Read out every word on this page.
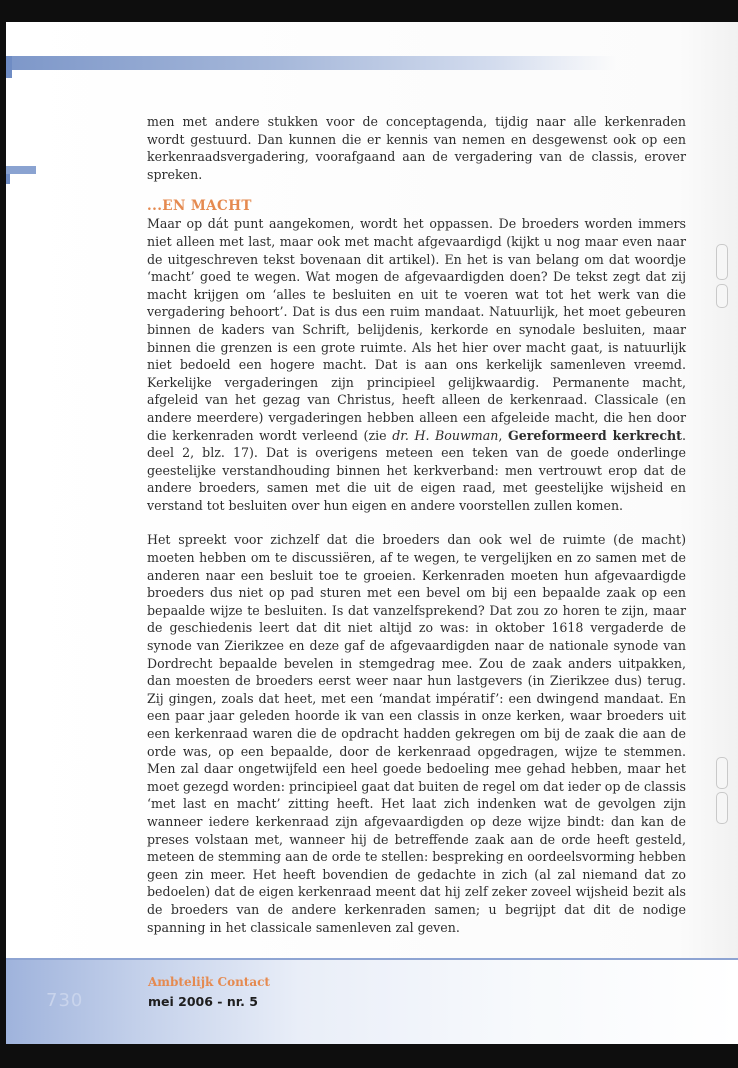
men met andere stukken voor de conceptagenda, tijdig naar alle kerkenraden wordt gestuurd. Dan kunnen die er kennis van nemen en desgewenst ook op een kerkenraadsvergadering, voorafgaand aan de vergadering van de classis, erover spreken.

...EN MACHT

Maar op dát punt aangekomen, wordt het oppassen. De broeders worden immers niet alleen met last, maar ook met macht afgevaardigd (kijkt u nog maar even naar de uitgeschreven tekst bovenaan dit artikel). En het is van belang om dat woordje ‘macht’ goed te wegen. Wat mogen de afgevaardigden doen? De tekst zegt dat zij macht krijgen om ‘alles te besluiten en uit te voeren wat tot het werk van die vergadering behoort’. Dat is dus een ruim mandaat. Natuurlijk, het moet gebeuren binnen de kaders van Schrift, belijdenis, kerkorde en synodale besluiten, maar binnen die grenzen is een grote ruimte. Als het hier over macht gaat, is natuurlijk niet bedoeld een hogere macht. Dat is aan ons kerkelijk samenleven vreemd. Kerkelijke vergaderingen zijn principieel gelijkwaardig. Permanente macht, afgeleid van het gezag van Christus, heeft alleen de kerkenraad. Classicale (en andere meerdere) vergaderingen hebben alleen een afgeleide macht, die hen door die kerkenraden wordt verleend (zie dr. H. Bouwman, Gereformeerd kerkrecht. deel 2, blz. 17). Dat is overigens meteen een teken van de goede onderlinge geestelijke verstandhouding binnen het kerkverband: men vertrouwt erop dat de andere broeders, samen met die uit de eigen raad, met geestelijke wijsheid en verstand tot besluiten over hun eigen en andere voorstellen zullen komen.

Het spreekt voor zichzelf dat die broeders dan ook wel de ruimte (de macht) moeten hebben om te discussiëren, af te wegen, te vergelijken en zo samen met de anderen naar een besluit toe te groeien. Kerkenraden moeten hun afgevaardigde broeders dus niet op pad sturen met een bevel om bij een bepaalde zaak op een bepaalde wijze te besluiten. Is dat vanzelfsprekend? Dat zou zo horen te zijn, maar de geschiedenis leert dat dit niet altijd zo was: in oktober 1618 vergaderde de synode van Zierikzee en deze gaf de afgevaardigden naar de nationale synode van Dordrecht bepaalde bevelen in stemgedrag mee. Zou de zaak anders uitpakken, dan moesten de broeders eerst weer naar hun lastgevers (in Zierikzee dus) terug. Zij gingen, zoals dat heet, met een ‘mandat impératif’: een dwingend mandaat. En een paar jaar geleden hoorde ik van een classis in onze kerken, waar broeders uit een kerkenraad waren die de opdracht hadden gekregen om bij de zaak die aan de orde was, op een bepaalde, door de kerkenraad opgedragen, wijze te stemmen. Men zal daar ongetwijfeld een heel goede bedoeling mee gehad hebben, maar het moet gezegd worden: principieel gaat dat buiten de regel om dat ieder op de classis ‘met last en macht’ zitting heeft. Het laat zich indenken wat de gevolgen zijn wanneer iedere kerkenraad zijn afgevaardigden op deze wijze bindt: dan kan de preses volstaan met, wanneer hij de betreffende zaak aan de orde heeft gesteld, meteen de stemming aan de orde te stellen: bespreking en oordeelsvorming hebben geen zin meer. Het heeft bovendien de gedachte in zich (al zal niemand dat zo bedoelen) dat de eigen kerkenraad meent dat hij zelf zeker zoveel wijsheid bezit als de broeders van de andere kerkenraden samen; u begrijpt dat dit de nodige spanning in het classicale samenleven zal geven.

730
Ambtelijk Contact
mei 2006 - nr. 5
